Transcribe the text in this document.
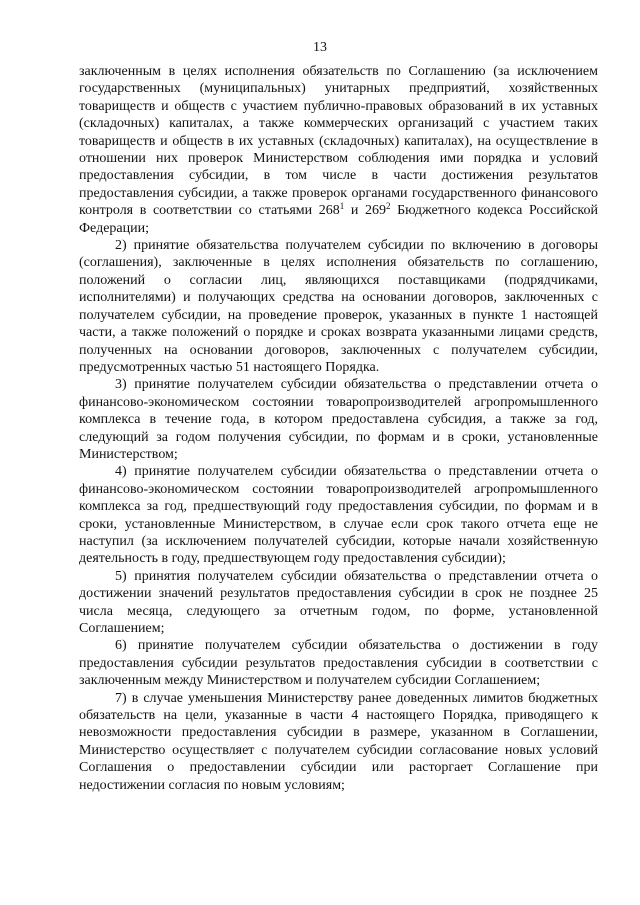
13

заключенным в целях исполнения обязательств по Соглашению (за исключением государственных (муниципальных) унитарных предприятий, хозяйственных товариществ и обществ с участием публично-правовых образований в их уставных (складочных) капиталах, а также коммерческих организаций с участием таких товариществ и обществ в их уставных (складочных) капиталах), на осуществление в отношении них проверок Министерством соблюдения ими порядка и условий предоставления субсидии, в том числе в части достижения результатов предоставления субсидии, а также проверок органами государственного финансового контроля в соответствии со статьями $268^1$ и $269^2$ Бюджетного кодекса Российской Федерации;

2) принятие обязательства получателем субсидии по включению в договоры (соглашения), заключенные в целях исполнения обязательств по соглашению, положений о согласии лиц, являющихся поставщиками (подрядчиками, исполнителями) и получающих средства на основании договоров, заключенных с получателем субсидии, на проведение проверок, указанных в пункте 1 настоящей части, а также положений о порядке и сроках возврата указанными лицами средств, полученных на основании договоров, заключенных с получателем субсидии, предусмотренных частью 51 настоящего Порядка.

3) принятие получателем субсидии обязательства о представлении отчета о финансово-экономическом состоянии товаропроизводителей агропромышленного комплекса в течение года, в котором предоставлена субсидия, а также за год, следующий за годом получения субсидии, по формам и в сроки, установленные Министерством;

4) принятие получателем субсидии обязательства о представлении отчета о финансово-экономическом состоянии товаропроизводителей агропромышленного комплекса за год, предшествующий году предоставления субсидии, по формам и в сроки, установленные Министерством, в случае если срок такого отчета еще не наступил (за исключением получателей субсидии, которые начали хозяйственную деятельность в году, предшествующем году предоставления субсидии);

5) принятия получателем субсидии обязательства о представлении отчета о достижении значений результатов предоставления субсидии в срок не позднее 25 числа месяца, следующего за отчетным годом, по форме, установленной Соглашением;

6) принятие получателем субсидии обязательства о достижении в году предоставления субсидии результатов предоставления субсидии в соответствии с заключенным между Министерством и получателем субсидии Соглашением;

7) в случае уменьшения Министерству ранее доведенных лимитов бюджетных обязательств на цели, указанные в части 4 настоящего Порядка, приводящего к невозможности предоставления субсидии в размере, указанном в Соглашении, Министерство осуществляет с получателем субсидии согласование новых условий Соглашения о предоставлении субсидии или расторгает Соглашение при недостижении согласия по новым условиям;
